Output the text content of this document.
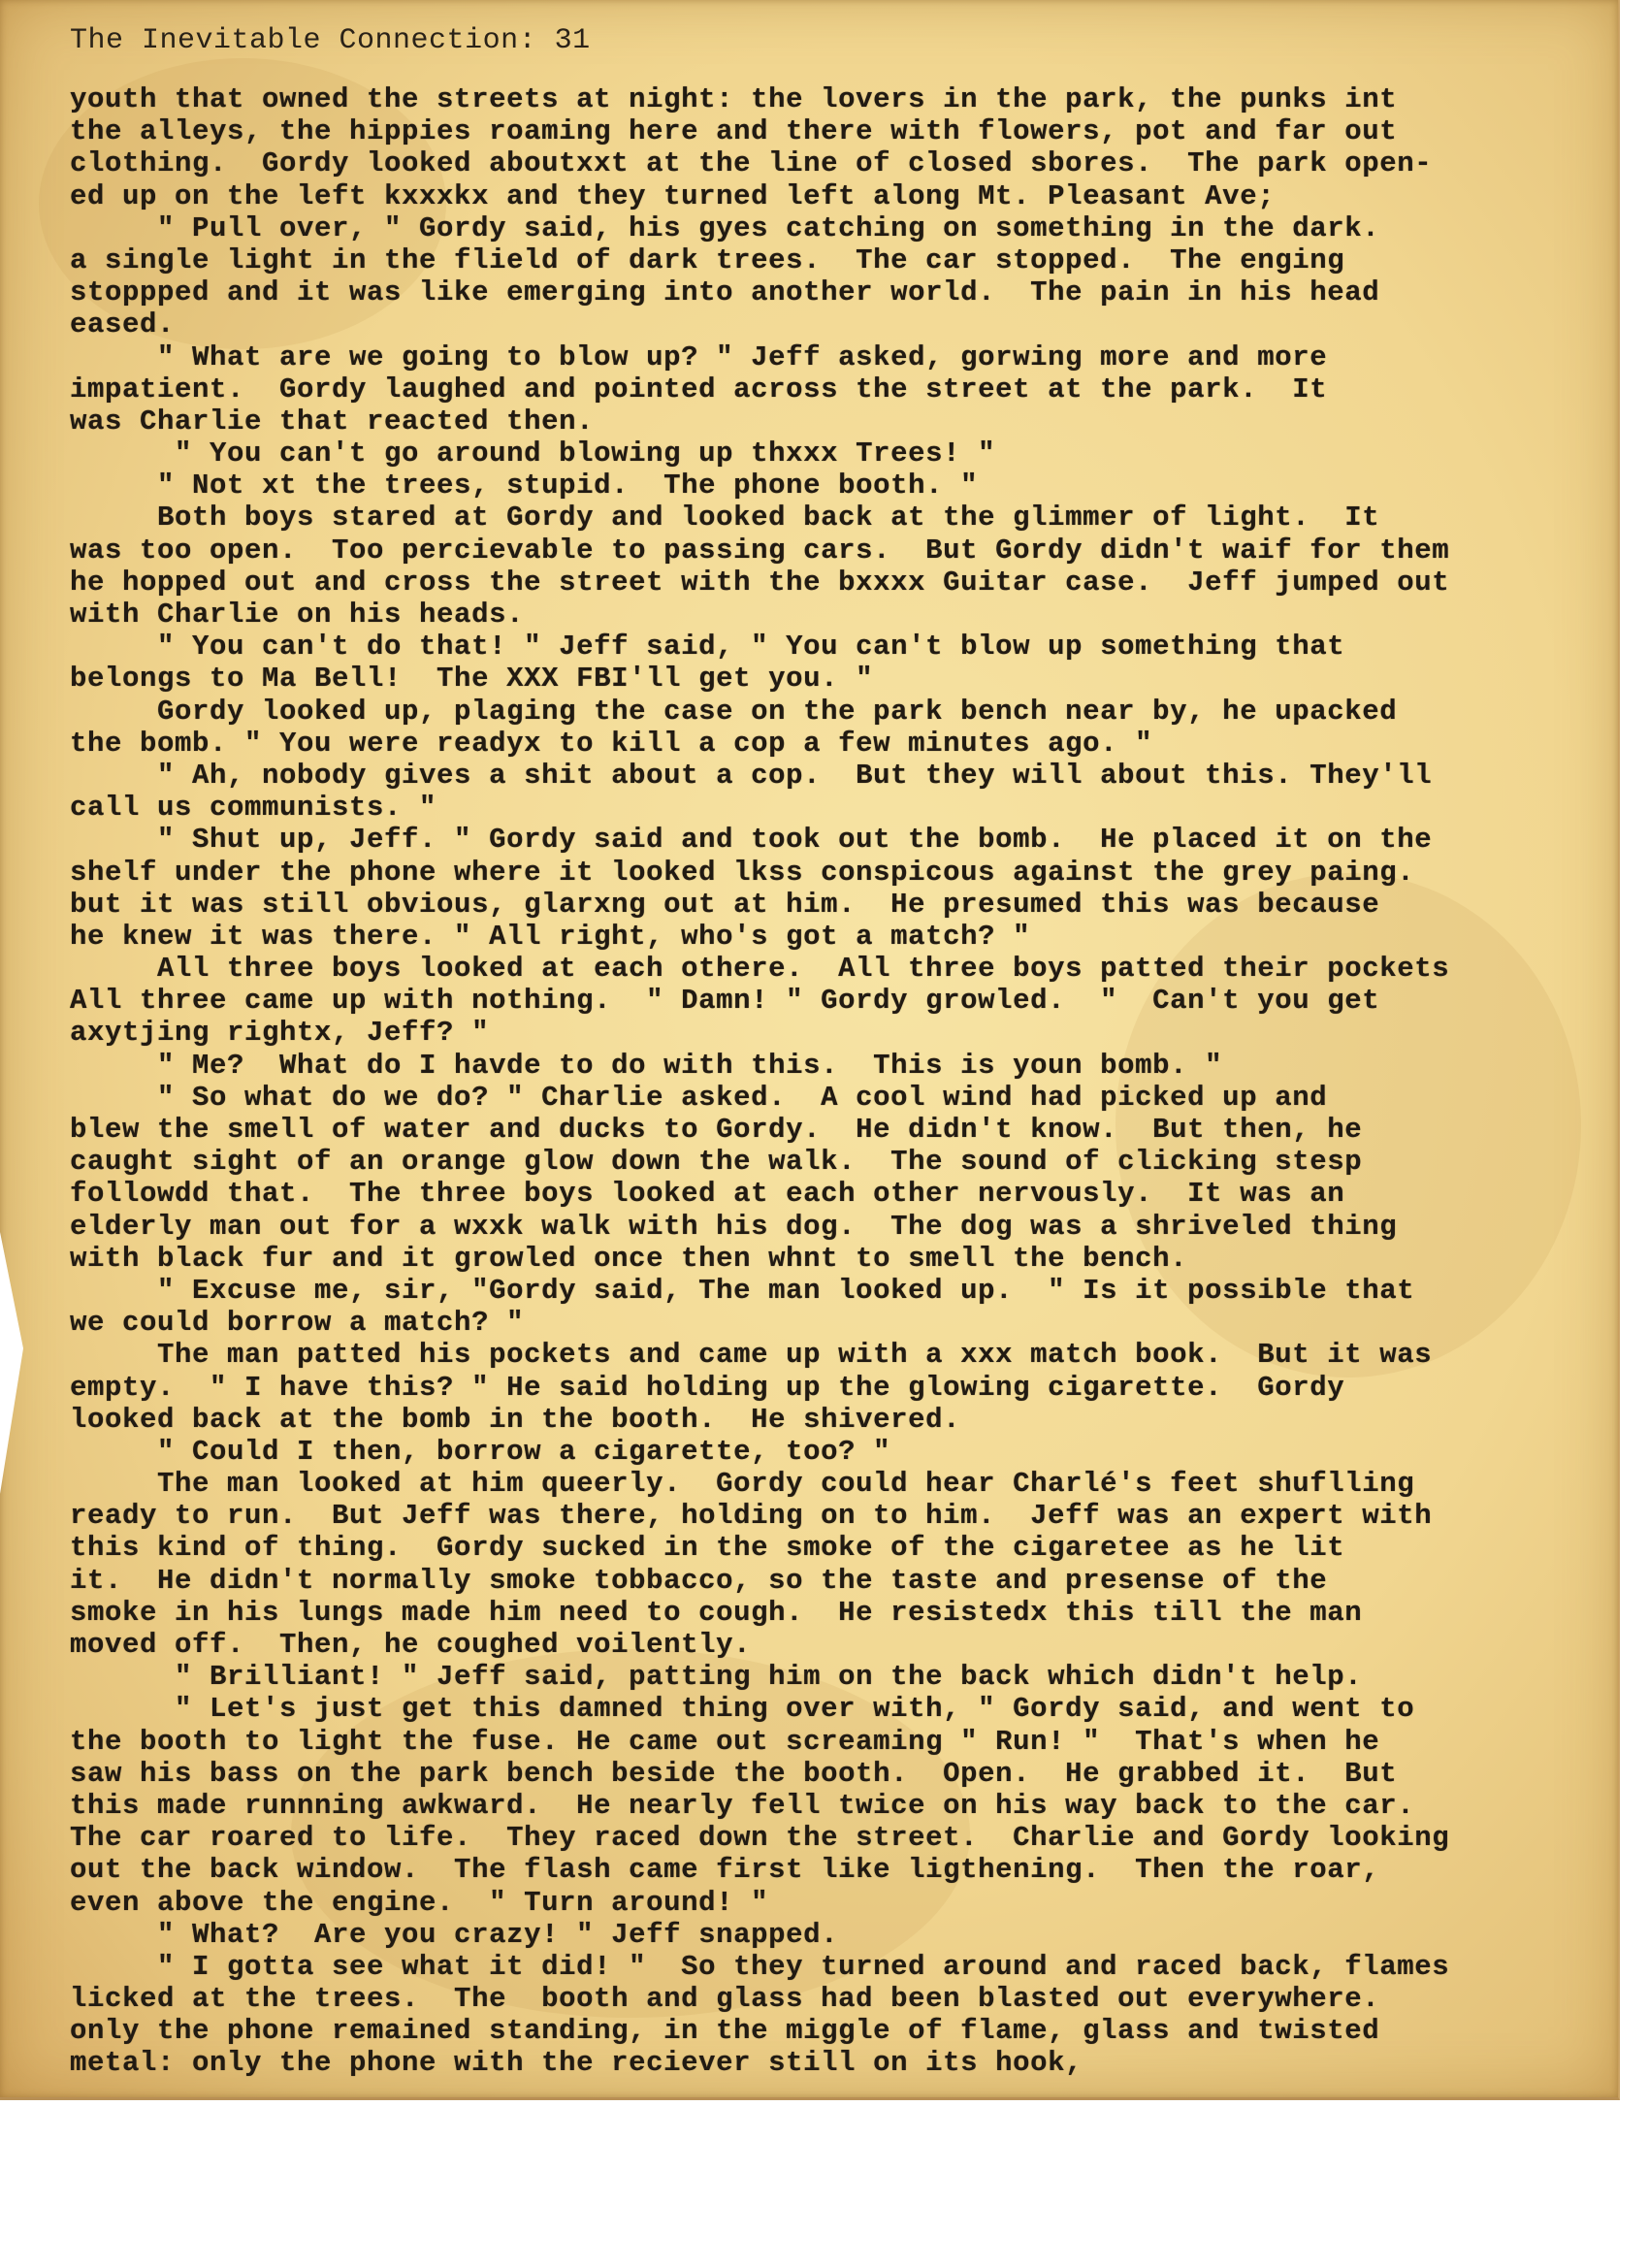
The Inevitable Connection: 31
youth that owned the streets at night: the lovers in the park, the punks int
the alleys, the hippies roaming here and there with flowers, pot and far out
clothing.  Gordy looked aboutxxt at the line of closed sbores.  The park open-
ed up on the left kxxxkx and they turned left along Mt. Pleasant Ave;
" Pull over, " Gordy said, his gyes catching on something in the dark.
a single light in the flield of dark trees.  The car stopped.  The enging
stoppped and it was like emerging into another world.  The pain in his head
eased.
" What are we going to blow up? " Jeff asked, gorwing more and more
impatient.  Gordy laughed and pointed across the street at the park.  It
was Charlie that reacted then.
" You can't go around blowing up thxxx Trees! "
" Not xt the trees, stupid.  The phone booth. "
Both boys stared at Gordy and looked back at the glimmer of light.  It
was too open.  Too percievable to passing cars.  But Gordy didn't waif for them
he hopped out and cross the street with the bxxxx Guitar case.  Jeff jumped out
with Charlie on his heads.
" You can't do that! " Jeff said, " You can't blow up something that
belongs to Ma Bell!  The XXX FBI'll get you. "
Gordy looked up, plaging the case on the park bench near by, he upacked
the bomb. " You were readyx to kill a cop a few minutes ago. "
" Ah, nobody gives a shit about a cop.  But they will about this. They'll
call us communists. "
" Shut up, Jeff. " Gordy said and took out the bomb.  He placed it on the
shelf under the phone where it looked lkss conspicous against the grey paing.
but it was still obvious, glarxng out at him.  He presumed this was because
he knew it was there. " All right, who's got a match? "
All three boys looked at each othere.  All three boys patted their pockets
All three came up with nothing.  " Damn! " Gordy growled.  "  Can't you get
axytjing rightx, Jeff? "
" Me?  What do I havde to do with this.  This is youn bomb. "
" So what do we do? " Charlie asked.  A cool wind had picked up and
blew the smell of water and ducks to Gordy.  He didn't know.  But then, he
caught sight of an orange glow down the walk.  The sound of clicking stesp
followdd that.  The three boys looked at each other nervously.  It was an
elderly man out for a wxxk walk with his dog.  The dog was a shriveled thing
with black fur and it growled once then whnt to smell the bench.
" Excuse me, sir, "Gordy said, The man looked up.  " Is it possible that
we could borrow a match? "
The man patted his pockets and came up with a xxx match book.  But it was
empty.  " I have this? " He said holding up the glowing cigarette.  Gordy
looked back at the bomb in the booth.  He shivered.
" Could I then, borrow a cigarette, too? "
The man looked at him queerly.  Gordy could hear Charlé's feet shuflling
ready to run.  But Jeff was there, holding on to him.  Jeff was an expert with
this kind of thing.  Gordy sucked in the smoke of the cigaretee as he lit
it.  He didn't normally smoke tobbacco, so the taste and presense of the
smoke in his lungs made him need to cough.  He resistedx this till the man
moved off.  Then, he coughed voilently.
" Brilliant! " Jeff said, patting him on the back which didn't help.
" Let's just get this damned thing over with, " Gordy said, and went to
the booth to light the fuse. He came out screaming " Run! "  That's when he
saw his bass on the park bench beside the booth.  Open.  He grabbed it.  But
this made runnning awkward.  He nearly fell twice on his way back to the car.
The car roared to life.  They raced down the street.  Charlie and Gordy looking
out the back window.  The flash came first like ligthening.  Then the roar,
even above the engine.  " Turn around! "
" What?  Are you crazy! " Jeff snapped.
" I gotta see what it did! "  So they turned around and raced back, flames
licked at the trees.  The  booth and glass had been blasted out everywhere.
only the phone remained standing, in the miggle of flame, glass and twisted
metal: only the phone with the reciever still on its hook,
